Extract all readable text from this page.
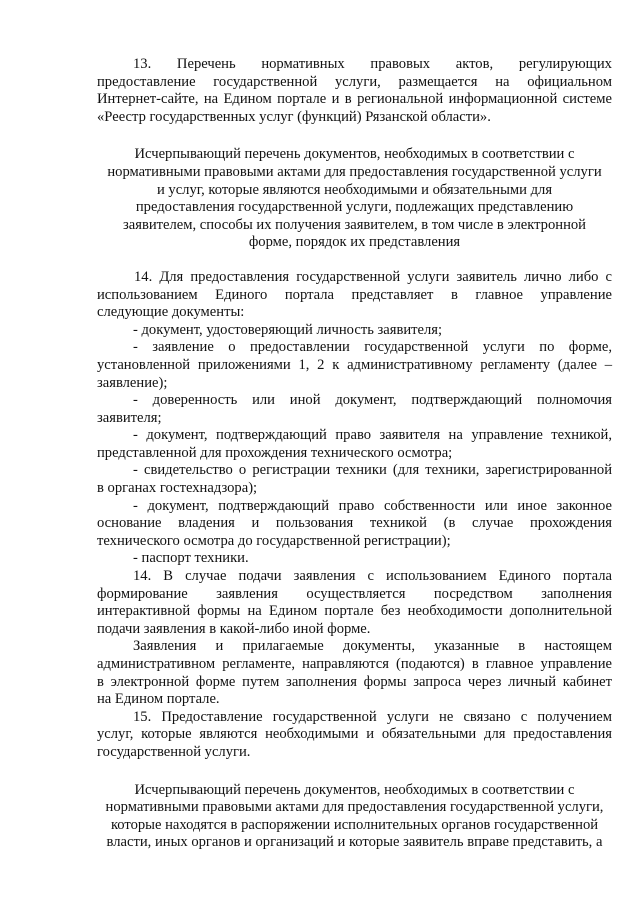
13. Перечень нормативных правовых актов, регулирующих
предоставление государственной услуги, размещается на официальном
Интернет-сайте, на Едином портале и в региональной информационной системе
«Реестр государственных услуг (функций) Рязанской области».
Исчерпывающий перечень документов, необходимых в соответствии с
нормативными правовыми актами для предоставления государственной услуги
и услуг, которые являются необходимыми и обязательными для
предоставления государственной услуги, подлежащих представлению
заявителем, способы их получения заявителем, в том числе в электронной
форме, порядок их представления
14. Для предоставления государственной услуги заявитель лично либо с
использованием Единого портала представляет в главное управление
следующие документы:
- документ, удостоверяющий личность заявителя;
- заявление о предоставлении государственной услуги по форме,
установленной приложениями 1, 2 к административному регламенту (далее –
заявление);
- доверенность или иной документ, подтверждающий полномочия
заявителя;
- документ, подтверждающий право заявителя на управление техникой,
представленной для прохождения технического осмотра;
- свидетельство о регистрации техники (для техники, зарегистрированной
в органах гостехнадзора);
- документ, подтверждающий право собственности или иное законное
основание владения и пользования техникой (в случае прохождения
технического осмотра до государственной регистрации);
- паспорт техники.
14. В случае подачи заявления с использованием Единого портала
формирование заявления осуществляется посредством заполнения
интерактивной формы на Едином портале без необходимости дополнительной
подачи заявления в какой-либо иной форме.
Заявления и прилагаемые документы, указанные в настоящем
административном регламенте, направляются (подаются) в главное управление
в электронной форме путем заполнения формы запроса через личный кабинет
на Едином портале.
15. Предоставление государственной услуги не связано с получением
услуг, которые являются необходимыми и обязательными для предоставления
государственной услуги.
Исчерпывающий перечень документов, необходимых в соответствии с
нормативными правовыми актами для предоставления государственной услуги,
которые находятся в распоряжении исполнительных органов государственной
власти, иных органов и организаций и которые заявитель вправе представить, а
